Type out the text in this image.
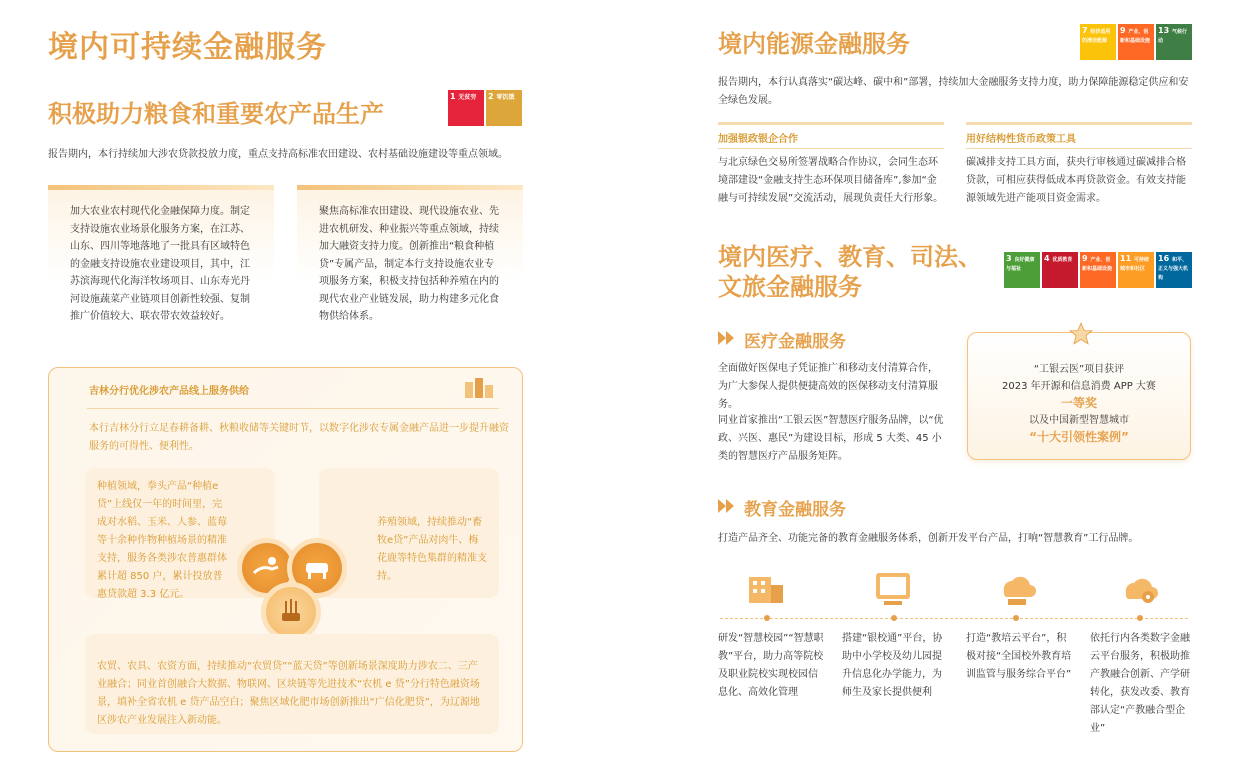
境内可持续金融服务
积极助力粮食和重要农产品生产
1 无贫穷	2 零饥饿
报告期内，本行持续加大涉农贷款投放力度，重点支持高标准农田建设、农村基础设施建设等重点领域。
加大农业农村现代化金融保障力度。制定支持设施农业场景化服务方案，在江苏、山东、四川等地落地了一批具有区域特色的金融支持设施农业建设项目，其中，江苏滨海现代化海洋牧场项目、山东寿光丹河设施蔬菜产业链项目创新性较强、复制推广价值较大、联农带农效益较好。
聚焦高标准农田建设、现代设施农业、先进农机研发、种业振兴等重点领域，持续加大融资支持力度。创新推出“粮食种植贷”专属产品，制定本行支持设施农业专项服务方案，积极支持包括种养殖在内的现代农业产业链发展，助力构建多元化食物供给体系。
吉林分行优化涉农产品线上服务供给
本行吉林分行立足春耕备耕、秋粮收储等关键时节，以数字化涉农专属金融产品进一步提升融资服务的可得性、便利性。
种植领域，拳头产品“种植e贷”上线仅一年的时间里，完成对水稻、玉米、人参、蓝莓等十余种作物种植场景的精准支持，服务各类涉农普惠群体累计超 850 户，累计投放普惠贷款超 3.3 亿元。
养殖领域，持续推动“畜牧e贷”产品对肉牛、梅花鹿等特色集群的精准支持。
农贸、农具、农资方面，持续推动“农贸贷”“蓝天贷”等创新场景深度助力涉农二、三产业融合；同业首创融合大数据、物联网、区块链等先进技术“农机 e 贷”分行特色融资场景，填补全省农机 e 贷产品空白；聚焦区域化肥市场创新推出“广信化肥贷”，为辽源地区涉农产业发展注入新动能。
境内能源金融服务	7 经济适用的清洁能源
9 产业、创新和基础设施
13 气候行动
报告期内，本行认真落实“碳达峰、碳中和”部署，持续加大金融服务支持力度，助力保障能源稳定供应和安全绿色发展。
加强银政银企合作
与北京绿色交易所签署战略合作协议，会同生态环境部建设“金融支持生态环保项目储备库”,参加“金融与可持续发展”交流活动，展现负责任大行形象。
用好结构性货币政策工具
碳减排支持工具方面，获央行审核通过碳减排合格贷款，可相应获得低成本再贷款资金。有效支持能源领域先进产能项目资金需求。
境内医疗、教育、司法、文旅金融服务
3 良好健康与福祉
4 优质教育	9 产业、创新和基础设施
11 可持续城市和社区
16 和平、正义与强大机构
医疗金融服务
全面做好医保电子凭证推广和移动支付清算合作，为广大参保人提供便捷高效的医保移动支付清算服务。
同业首家推出“工银云医”智慧医疗服务品牌，以“优政、兴医、惠民”为建设目标，形成 5 大类、45 小类的智慧医疗产品服务矩阵。
“工银云医”项目获评
2023 年开源和信息消费 APP 大赛
一等奖
以及中国新型智慧城市
“十大引领性案例”
教育金融服务
打造产品齐全、功能完备的教育金融服务体系，创新开发平台产品，打响“智慧教育”工行品牌。
研发“智慧校园”“智慧职教”平台，助力高等院校及职业院校实现校园信息化、高效化管理
搭建“银校通”平台，协助中小学校及幼儿园提升信息化办学能力，为师生及家长提供便利
打造“教培云平台”，积极对接“全国校外教育培训监管与服务综合平台”
依托行内各类数字金融云平台服务，积极助推产教融合创新、产学研转化，获发改委、教育部认定“产教融合型企业”
